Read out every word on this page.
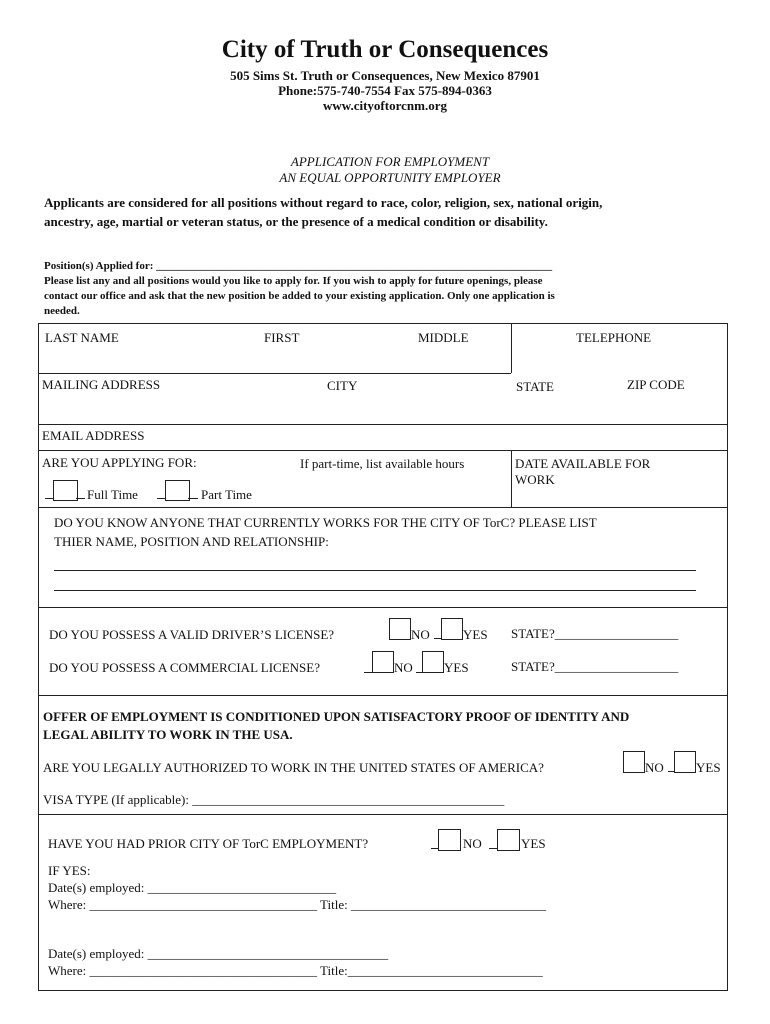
City of Truth or Consequences
505 Sims St. Truth or Consequences, New Mexico 87901
Phone:575-740-7554 Fax 575-894-0363
www.cityoftorcnm.org
APPLICATION FOR EMPLOYMENT
AN EQUAL OPPORTUNITY EMPLOYER
Applicants are considered for all positions without regard to race, color, religion, sex, national origin,
ancestry, age, martial or veteran status, or the presence of a medical condition or disability.
Position(s) Applied for: ________________________________________________________________________
Please list any and all positions would you like to apply for. If you wish to apply for future openings, please
contact our office and ask that the new position be added to your existing application. Only one application is
needed.
LAST NAME	FIRST	MIDDLE	TELEPHONE
MAILING ADDRESS	CITY	STATE	ZIP CODE
EMAIL ADDRESS
ARE YOU APPLYING FOR:	If part-time, list available hours	DATE AVAILABLE FOR
WORK
Full Time	Part Time
DO YOU KNOW ANYONE THAT CURRENTLY WORKS FOR THE CITY OF TorC? PLEASE LIST
THIER NAME, POSITION AND RELATIONSHIP:
DO YOU POSSESS A VALID DRIVER’S LICENSE?	NO	YES STATE?___________________
DO YOU POSSESS A COMMERCIAL LICENSE?	NO YES	STATE?___________________
OFFER OF EMPLOYMENT IS CONDITIONED UPON SATISFACTORY PROOF OF IDENTITY AND
LEGAL ABILITY TO WORK IN THE USA.
ARE YOU LEGALLY AUTHORIZED TO WORK IN THE UNITED STATES OF AMERICA?	NO YES
VISA TYPE (If applicable): ________________________________________________
HAVE YOU HAD PRIOR CITY OF TorC EMPLOYMENT?	NO	YES
IF YES:
Date(s) employed: _____________________________
Where: ___________________________________ Title: ______________________________
Date(s) employed: _____________________________________
Where: ___________________________________ Title:______________________________
